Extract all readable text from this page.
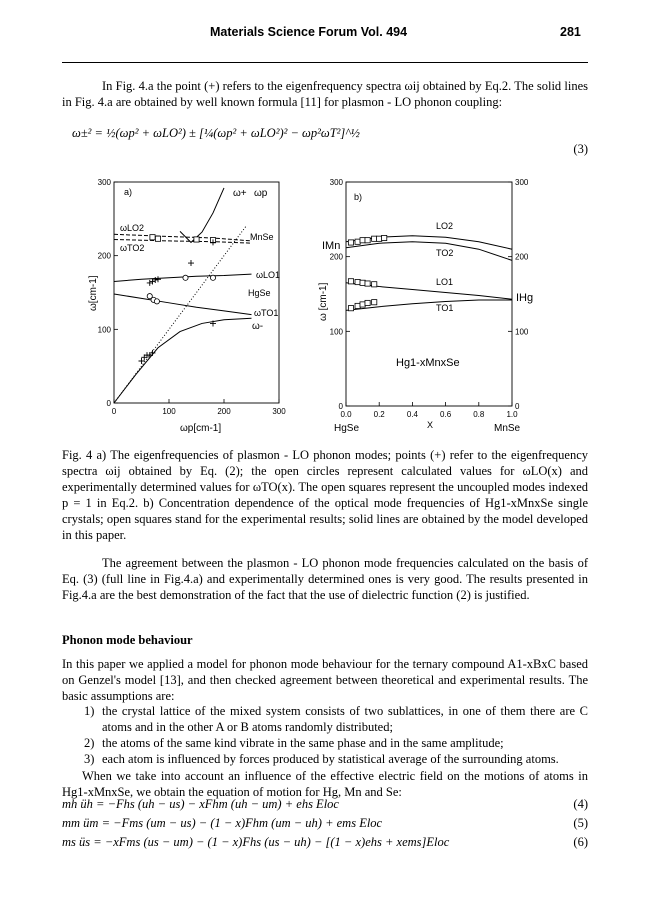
Materials Science Forum Vol. 494	281
In Fig. 4.a the point (+) refers to the eigenfrequency spectra ωij obtained by Eq.2. The solid lines in Fig. 4.a are obtained by well known formula [11] for plasmon - LO phonon coupling:
ω±² = ½(ωp² + ωLO²) ± [¼(ωp² + ωLO²)² − ωp²ωT²]^½
(3)
0	100	200	300
0
100
200
300
a)
ω[cm-1]
ωp[cm-1]
ω+ ωp
ωLO2
ωTO2
MnSe
ωLO1
HgSe
ωTO1
ω-
0.0	0.2	0.4	0.6	0.8	1.0
0	0
100	100
200	200
300	300
b)
ω [cm-1]
X
HgSe	MnSe
LO2
TO2
LO1
TO1
Hg1-xMnxSe
IMn
IHg
Fig. 4 a) The eigenfrequencies of plasmon - LO phonon modes; points (+) refer to the eigenfrequency spectra ωij obtained by Eq. (2); the open circles represent calculated values for ωLO(x) and experimentally determined values for ωTO(x). The open squares represent the uncoupled modes indexed p = 1 in Eq.2. b) Concentration dependence of the optical mode frequencies of Hg1-xMnxSe single crystals; open squares stand for the experimental results; solid lines are obtained by the model developed in this paper.
The agreement between the plasmon - LO phonon mode frequencies calculated on the basis of Eq. (3) (full line in Fig.4.a) and experimentally determined ones is very good. The results presented in Fig.4.a are the best demonstration of the fact that the use of dielectric function (2) is justified.
Phonon mode behaviour
In this paper we applied a model for phonon mode behaviour for the ternary compound A1-xBxC based on Genzel's model [13], and then checked agreement between theoretical and experimental results. The basic assumptions are:
1) the crystal lattice of the mixed system consists of two sublattices, in one of them there are C atoms and in the other A or B atoms randomly distributed;
2) the atoms of the same kind vibrate in the same phase and in the same amplitude;
3) each atom is influenced by forces produced by statistical average of the surrounding atoms.
When we take into account an influence of the effective electric field on the motions of atoms in Hg1-xMnxSe, we obtain the equation of motion for Hg, Mn and Se:
mh üh = −Fhs (uh − us) − xFhm (uh − um) + ehs Eloc	(4)
mm üm = −Fms (um − us) − (1 − x)Fhm (um − uh) + ems Eloc	(5)
ms üs = −xFms (us − um) − (1 − x)Fhs (us − uh) − [(1 − x)ehs + xems]Eloc	(6)
